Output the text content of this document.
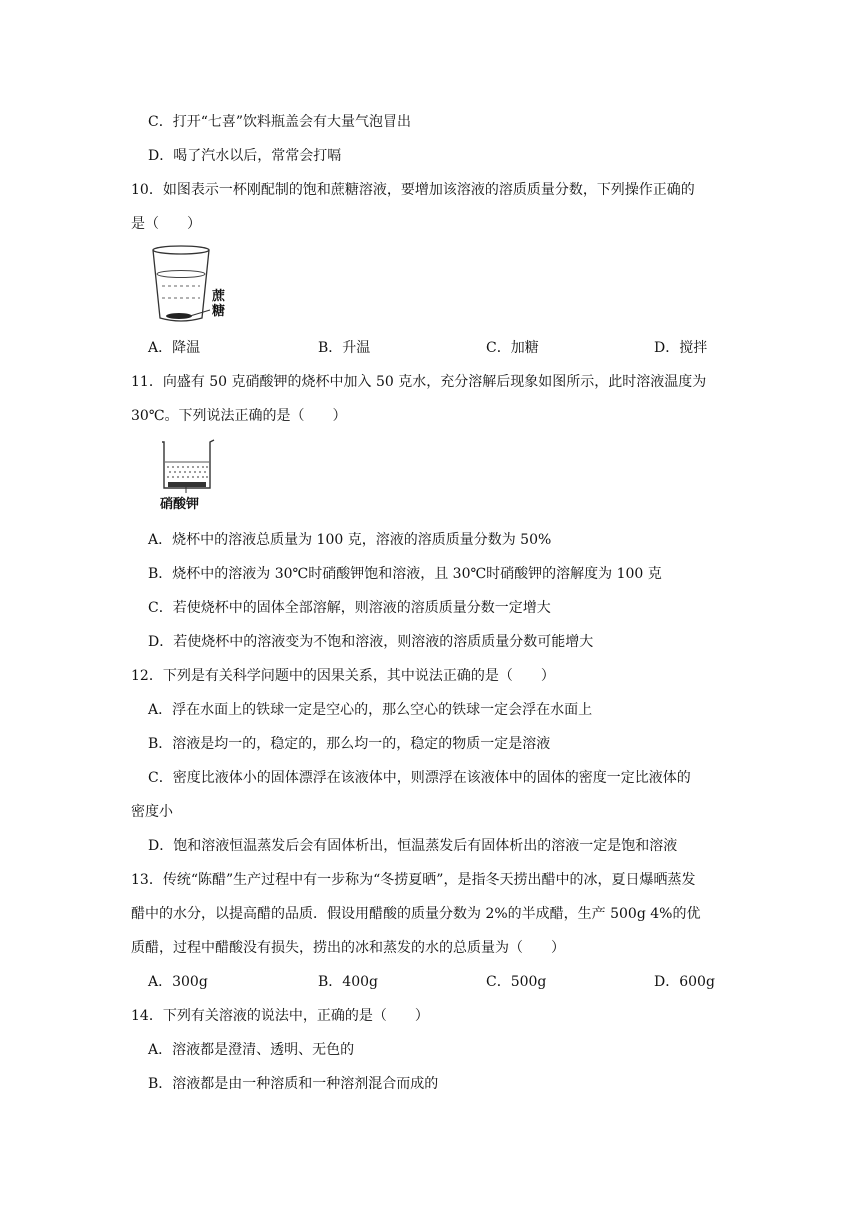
C．打开“七喜”饮料瓶盖会有大量气泡冒出
D．喝了汽水以后，常常会打嗝
10．如图表示一杯刚配制的饱和蔗糖溶液，要增加该溶液的溶质质量分数，下列操作正确的
是（　　）
蔗
糖
A．降温	B．升温	C．加糖	D．搅拌
11．向盛有 50 克硝酸钾的烧杯中加入 50 克水，充分溶解后现象如图所示，此时溶液温度为
30℃。下列说法正确的是（　　）
硝酸钾
A．烧杯中的溶液总质量为 100 克，溶液的溶质质量分数为 50%
B．烧杯中的溶液为 30℃时硝酸钾饱和溶液，且 30℃时硝酸钾的溶解度为 100 克
C．若使烧杯中的固体全部溶解，则溶液的溶质质量分数一定增大
D．若使烧杯中的溶液变为不饱和溶液，则溶液的溶质质量分数可能增大
12．下列是有关科学问题中的因果关系，其中说法正确的是（　　）
A．浮在水面上的铁球一定是空心的，那么空心的铁球一定会浮在水面上
B．溶液是均一的，稳定的，那么均一的，稳定的物质一定是溶液
C．密度比液体小的固体漂浮在该液体中，则漂浮在该液体中的固体的密度一定比液体的
密度小
D．饱和溶液恒温蒸发后会有固体析出，恒温蒸发后有固体析出的溶液一定是饱和溶液
13．传统“陈醋”生产过程中有一步称为“冬捞夏晒”，是指冬天捞出醋中的冰，夏日爆晒蒸发
醋中的水分，以提高醋的品质．假设用醋酸的质量分数为 2%的半成醋，生产 500g 4%的优
质醋，过程中醋酸没有损失，捞出的冰和蒸发的水的总质量为（　　）
A．300g	B．400g	C．500g	D．600g
14．下列有关溶液的说法中，正确的是（　　）
A．溶液都是澄清、透明、无色的
B．溶液都是由一种溶质和一种溶剂混合而成的
